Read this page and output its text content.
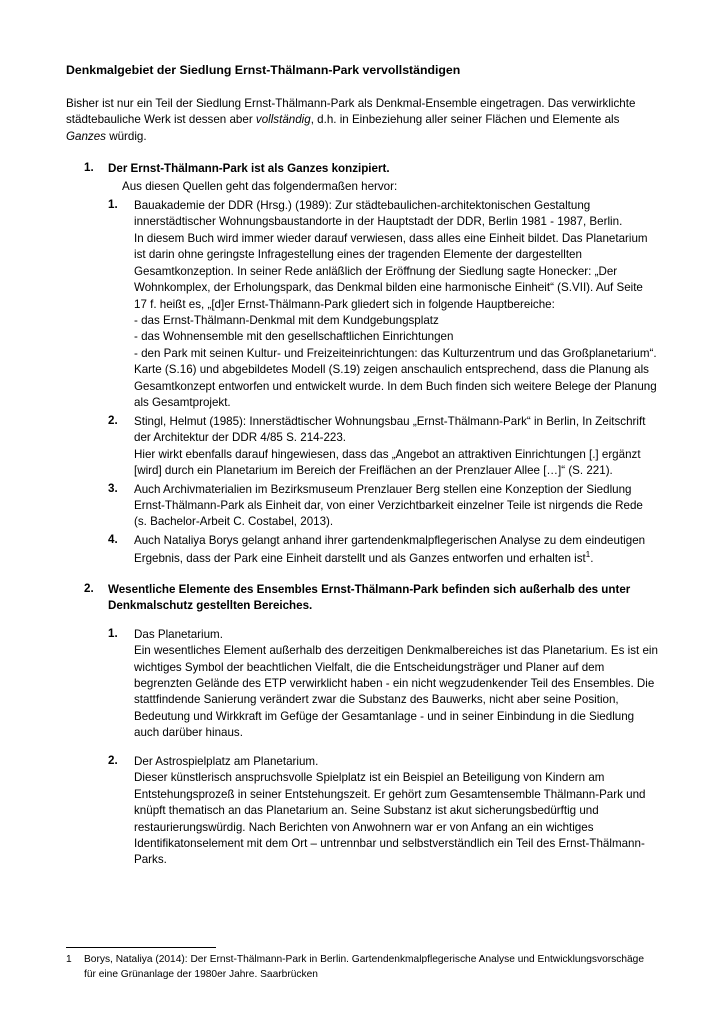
Denkmalgebiet der Siedlung Ernst-Thälmann-Park vervollständigen

Bisher ist nur ein Teil der Siedlung Ernst-Thälmann-Park als Denkmal-Ensemble eingetragen. Das verwirklichte städtebauliche Werk ist dessen aber vollständig, d.h. in Einbeziehung aller seiner Flächen und Elemente als Ganzes würdig.

1. Der Ernst-Thälmann-Park ist als Ganzes konzipiert.
Aus diesen Quellen geht das folgendermaßen hervor:
1. Bauakademie der DDR (Hrsg.) (1989): Zur städtebaulichen-architektonischen Gestaltung innerstädtischer Wohnungsbaustandorte in der Hauptstadt der DDR, Berlin 1981 - 1987, Berlin.

In diesem Buch wird immer wieder darauf verwiesen, dass alles eine Einheit bildet. Das Planetarium ist darin ohne geringste Infragestellung eines der tragenden Elemente der dargestellten Gesamtkonzeption. In seiner Rede anläßlich der Eröffnung der Siedlung sagte Honecker: „Der Wohnkomplex, der Erholungspark, das Denkmal bilden eine harmonische Einheit“ (S.VII). Auf Seite 17 f. heißt es, „[d]er Ernst-Thälmann-Park gliedert sich in folgende Hauptbereiche:

- das Ernst-Thälmann-Denkmal mit dem Kundgebungsplatz

- das Wohnensemble mit den gesellschaftlichen Einrichtungen

- den Park mit seinen Kultur- und Freizeiteinrichtungen: das Kulturzentrum und das Großplanetarium“.

Karte (S.16) und abgebildetes Modell (S.19) zeigen anschaulich entsprechend, dass die Planung als Gesamtkonzept entworfen und entwickelt wurde. In dem Buch finden sich weitere Belege der Planung als Gesamtprojekt.

2. Stingl, Helmut (1985): Innerstädtischer Wohnungsbau „Ernst-Thälmann-Park“ in Berlin, In Zeitschrift der Architektur der DDR 4/85 S. 214-223.

Hier wirkt ebenfalls darauf hingewiesen, dass das „Angebot an attraktiven Einrichtungen [.] ergänzt [wird] durch ein Planetarium im Bereich der Freiflächen an der Prenzlauer Allee […]“ (S. 221).

3. Auch Archivmaterialien im Bezirksmuseum Prenzlauer Berg stellen eine Konzeption der Siedlung Ernst-Thälmann-Park als Einheit dar, von einer Verzichtbarkeit einzelner Teile ist nirgends die Rede (s. Bachelor-Arbeit C. Costabel, 2013).

4. Auch Nataliya Borys gelangt anhand ihrer gartendenkmalpflegerischen Analyse zu dem eindeutigen Ergebnis, dass der Park eine Einheit darstellt und als Ganzes entworfen und erhalten ist$^1$.

2. Wesentliche Elemente des Ensembles Ernst-Thälmann-Park befinden sich außerhalb des unter Denkmalschutz gestellten Bereiches.
1. Das Planetarium.

Ein wesentliches Element außerhalb des derzeitigen Denkmalbereiches ist das Planetarium. Es ist ein wichtiges Symbol der beachtlichen Vielfalt, die die Entscheidungsträger und Planer auf dem begrenzten Gelände des ETP verwirklicht haben - ein nicht wegzudenkender Teil des Ensembles. Die stattfindende Sanierung verändert zwar die Substanz des Bauwerks, nicht aber seine Position, Bedeutung und Wirkkraft im Gefüge der Gesamtanlage - und in seiner Einbindung in die Siedlung auch darüber hinaus.

2. Der Astrospielplatz am Planetarium.

Dieser künstlerisch anspruchsvolle Spielplatz ist ein Beispiel an Beteiligung von Kindern am Entstehungsprozeß in seiner Entstehungszeit. Er gehört zum Gesamtensemble Thälmann-Park und knüpft thematisch an das Planetarium an. Seine Substanz ist akut sicherungsbedürftig und restaurierungswürdig. Nach Berichten von Anwohnern war er von Anfang an ein wichtiges Identifikatonselement mit dem Ort – untrennbar und selbstverständlich ein Teil des Ernst-Thälmann-Parks.

1 Borys, Nataliya (2014): Der Ernst-Thälmann-Park in Berlin. Gartendenkmalpflegerische Analyse und Entwicklungsvorschäge für eine Grünanlage der 1980er Jahre. Saarbrücken
